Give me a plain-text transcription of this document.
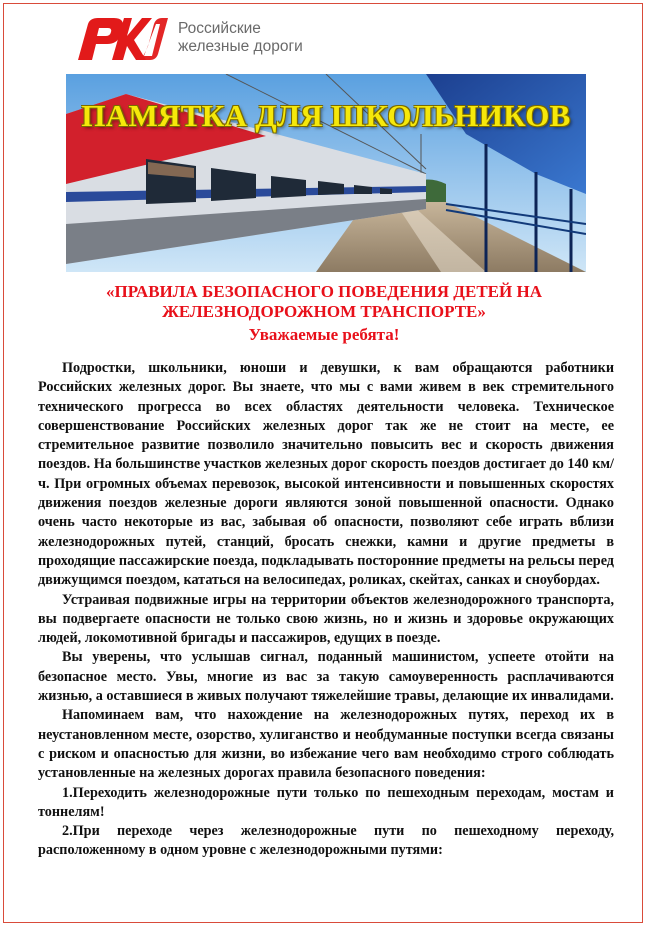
Российские
железные дороги
ПАМЯТКА ДЛЯ ШКОЛЬНИКОВ
«ПРАВИЛА БЕЗОПАСНОГО ПОВЕДЕНИЯ ДЕТЕЙ НА
ЖЕЛЕЗНОДОРОЖНОМ ТРАНСПОРТЕ»
Уважаемые ребята!

Подростки, школьники, юноши и девушки, к вам обращаются работники Российских железных дорог. Вы знаете, что мы с вами живем в век стремительного технического прогресса во всех областях деятельности человека. Техническое совершенствование Российских железных дорог так же не стоит на месте, ее стремительное развитие позволило значительно повысить вес и скорость движения поездов. На большинстве участков железных дорог скорость поездов достигает до 140 км/ч. При огромных объемах перевозок, высокой интенсивности и повышенных скоростях движения поездов железные дороги являются зоной повышенной опасности. Однако очень часто некоторые из вас, забывая об опасности, позволяют себе играть вблизи железнодорожных путей, станций, бросать снежки, камни и другие предметы в проходящие пассажирские поезда, подкладывать посторонние предметы на рельсы перед движущимся поездом, кататься на велосипедах, роликах, скейтах, санках и сноубордах.

Устраивая подвижные игры на территории объектов железнодорожного транспорта, вы подвергаете опасности не только свою жизнь, но и жизнь и здоровье окружающих людей, локомотивной бригады и пассажиров, едущих в поезде.

Вы уверены, что услышав сигнал, поданный машинистом, успеете отойти на безопасное место. Увы, многие из вас за такую самоуверенность расплачиваются жизнью, а оставшиеся в живых получают тяжелейшие травы, делающие их инвалидами.

Напоминаем вам, что нахождение на железнодорожных путях, переход их в неустановленном месте, озорство, хулиганство и необдуманные поступки всегда связаны с риском и опасностью для жизни, во избежание чего вам необходимо строго соблюдать установленные на железных дорогах правила безопасного поведения:

1.Переходить железнодорожные пути только по пешеходным переходам, мостам и тоннелям!

2.При переходе через железнодорожные пути по пешеходному переходу, расположенному в одном уровне с железнодорожными путями:
